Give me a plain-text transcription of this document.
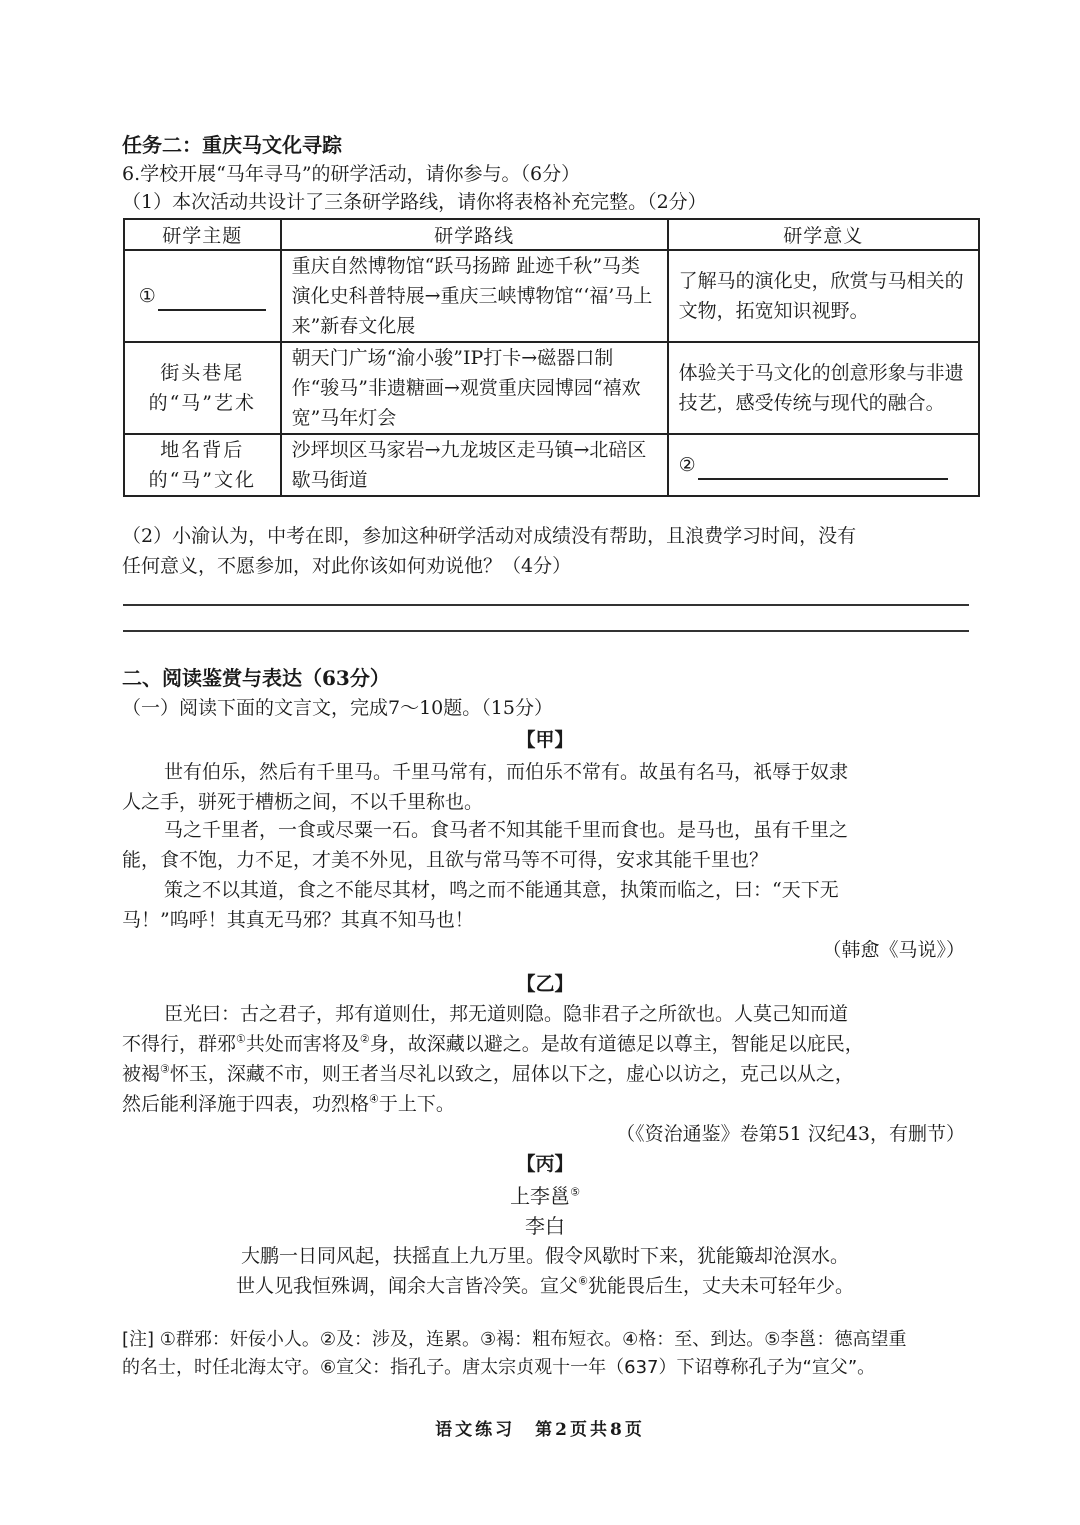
任务二：重庆马文化寻踪
6.学校开展“马年寻马”的研学活动，请你参与。（6分）
（1）本次活动共设计了三条研学路线，请你将表格补充完整。（2分）
研学主题	研学路线	研学意义
①	重庆自然博物馆“跃马扬蹄 趾迹千秋”马类演化史科普特展→重庆三峡博物馆“‘福’马上来”新春文化展	了解马的演化史，欣赏与马相关的文物，拓宽知识视野。

街头巷尾的“马”艺术	朝天门广场“渝小骏”IP打卡→磁器口制作“骏马”非遗糖画→观赏重庆园博园“禧欢宽”马年灯会	体验关于马文化的创意形象与非遗技艺，感受传统与现代的融合。

地名背后的“马”文化	沙坪坝区马家岩→九龙坡区走马镇→北碚区歇马街道	②
（2）小渝认为，中考在即，参加这种研学活动对成绩没有帮助，且浪费学习时间，没有
任何意义，不愿参加，对此你该如何劝说他？（4分）
二、阅读鉴赏与表达（63分）
（一）阅读下面的文言文，完成7～10题。（15分）
【甲】
世有伯乐，然后有千里马。千里马常有，而伯乐不常有。故虽有名马，祇辱于奴隶
人之手，骈死于槽枥之间，不以千里称也。
马之千里者，一食或尽粟一石。食马者不知其能千里而食也。是马也，虽有千里之
能，食不饱，力不足，才美不外见，且欲与常马等不可得，安求其能千里也？
策之不以其道，食之不能尽其材，鸣之而不能通其意，执策而临之，曰：“天下无
马！”呜呼！其真无马邪？其真不知马也！
（韩愈《马说》）
【乙】
臣光曰：古之君子，邦有道则仕，邦无道则隐。隐非君子之所欲也。人莫己知而道
不得行，群邪①共处而害将及②身，故深藏以避之。是故有道德足以尊主，智能足以庇民，
被褐③怀玉，深藏不市，则王者当尽礼以致之，屈体以下之，虚心以访之，克己以从之，
然后能利泽施于四表，功烈格④于上下。
（《资治通鉴》卷第51 汉纪43，有删节）
【丙】
上李邕⑤
李白
大鹏一日同风起，扶摇直上九万里。假令风歇时下来，犹能簸却沧溟水。
世人见我恒殊调，闻余大言皆冷笑。宣父⑥犹能畏后生，丈夫未可轻年少。
[注] ①群邪：奸佞小人。②及：涉及，连累。③褐：粗布短衣。④格：至、到达。⑤李邕：德高望重
的名士，时任北海太守。⑥宣父：指孔子。唐太宗贞观十一年（637）下诏尊称孔子为“宣父”。
语文练习　第2页共8页
